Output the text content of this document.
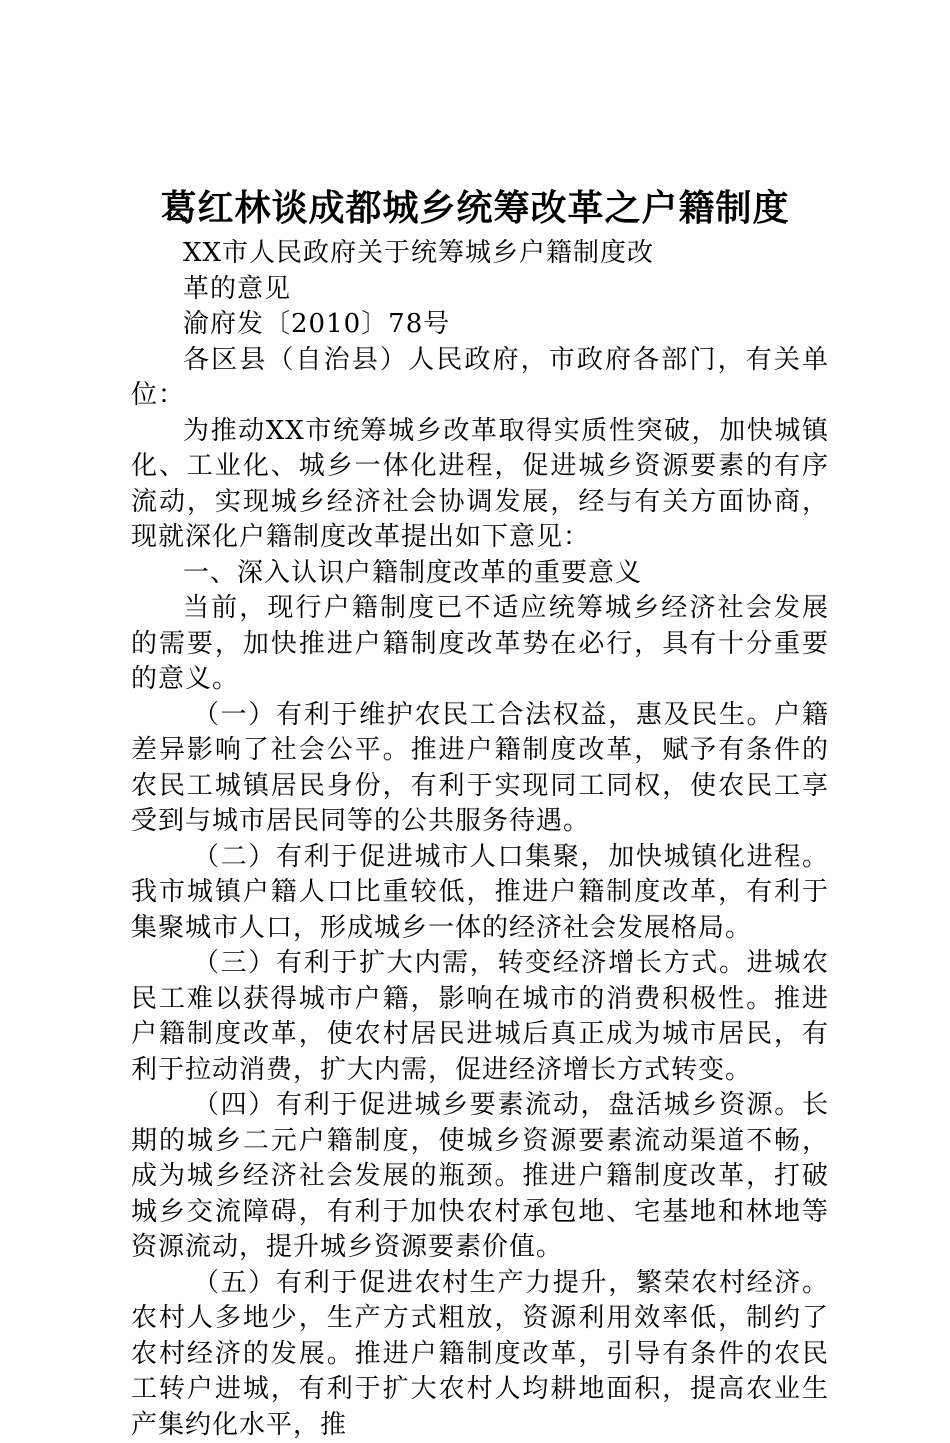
葛红林谈成都城乡统筹改革之户籍制度

XX市人民政府关于统筹城乡户籍制度改

革的意见

渝府发〔2010〕78号

各区县（自治县）人民政府，市政府各部门，有关单位：

为推动XX市统筹城乡改革取得实质性突破，加快城镇化、工业化、城乡一体化进程，促进城乡资源要素的有序流动，实现城乡经济社会协调发展，经与有关方面协商，现就深化户籍制度改革提出如下意见：

一、深入认识户籍制度改革的重要意义

当前，现行户籍制度已不适应统筹城乡经济社会发展的需要，加快推进户籍制度改革势在必行，具有十分重要的意义。

（一）有利于维护农民工合法权益，惠及民生。户籍差异影响了社会公平。推进户籍制度改革，赋予有条件的农民工城镇居民身份，有利于实现同工同权，使农民工享受到与城市居民同等的公共服务待遇。

（二）有利于促进城市人口集聚，加快城镇化进程。我市城镇户籍人口比重较低，推进户籍制度改革，有利于集聚城市人口，形成城乡一体的经济社会发展格局。

（三）有利于扩大内需，转变经济增长方式。进城农民工难以获得城市户籍，影响在城市的消费积极性。推进户籍制度改革，使农村居民进城后真正成为城市居民，有利于拉动消费，扩大内需，促进经济增长方式转变。

（四）有利于促进城乡要素流动，盘活城乡资源。长期的城乡二元户籍制度，使城乡资源要素流动渠道不畅，成为城乡经济社会发展的瓶颈。推进户籍制度改革，打破城乡交流障碍，有利于加快农村承包地、宅基地和林地等资源流动，提升城乡资源要素价值。

（五）有利于促进农村生产力提升，繁荣农村经济。农村人多地少，生产方式粗放，资源利用效率低，制约了农村经济的发展。推进户籍制度改革，引导有条件的农民工转户进城，有利于扩大农村人均耕地面积，提高农业生产集约化水平，推
